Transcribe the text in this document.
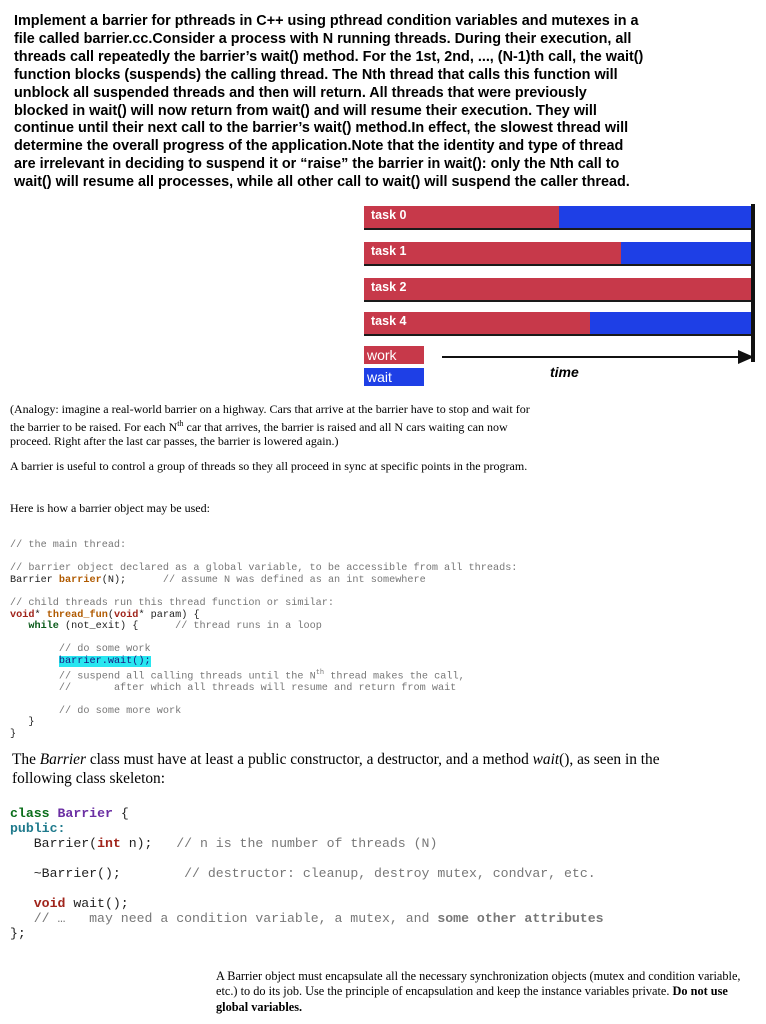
Implement a barrier for pthreads in C++ using pthread condition variables and mutexes in a file called barrier.cc.Consider a process with N running threads. During their execution, all threads call repeatedly the barrier’s wait() method. For the 1st, 2nd, ..., (N-1)th call, the wait() function blocks (suspends) the calling thread. The Nth thread that calls this function will unblock all suspended threads and then will return. All threads that were previously blocked in wait() will now return from wait() and will resume their execution. They will continue until their next call to the barrier’s wait() method.In effect, the slowest thread will determine the overall progress of the application.Note that the identity and type of thread are irrelevant in deciding to suspend it or “raise” the barrier in wait(): only the Nth call to wait() will resume all processes, while all other call to wait() will suspend the caller thread.

task 0
task 1
task 2
task 4
work
wait	time

(Analogy: imagine a real-world barrier on a highway. Cars that arrive at the barrier have to stop and wait for the barrier to be raised. For each $N^{th}$ car that arrives, the barrier is raised and all N cars waiting can now proceed. Right after the last car passes, the barrier is lowered again.)

A barrier is useful to control a group of threads so they all proceed in sync at specific points in the program.

Here is how a barrier object may be used:

// the main thread:

// barrier object declared as a global variable, to be accessible from all threads:
Barrier barrier(N);	// assume N was defined as an int somewhere

// child threads run this thread function or similar:
void* thread_fun(void* param) {
while (not_exit) {	// thread runs in a loop

// do some work
barrier.wait();
// suspend all calling threads until the $N^{th}$ thread makes the call,
//       after which all threads will resume and return from wait

// do some more work
}
}

The Barrier class must have at least a public constructor, a destructor, and a method wait(), as seen in the following class skeleton:

class Barrier {
public:
Barrier(int n); // n is the number of threads (N)

~Barrier();	// destructor: cleanup, destroy mutex, condvar, etc.

void wait();
// …   may need a condition variable, a mutex, and some other attributes
};

A Barrier object must encapsulate all the necessary synchronization objects (mutex and condition variable, etc.) to do its job. Use the principle of encapsulation and keep the instance variables private. Do not use global variables.
